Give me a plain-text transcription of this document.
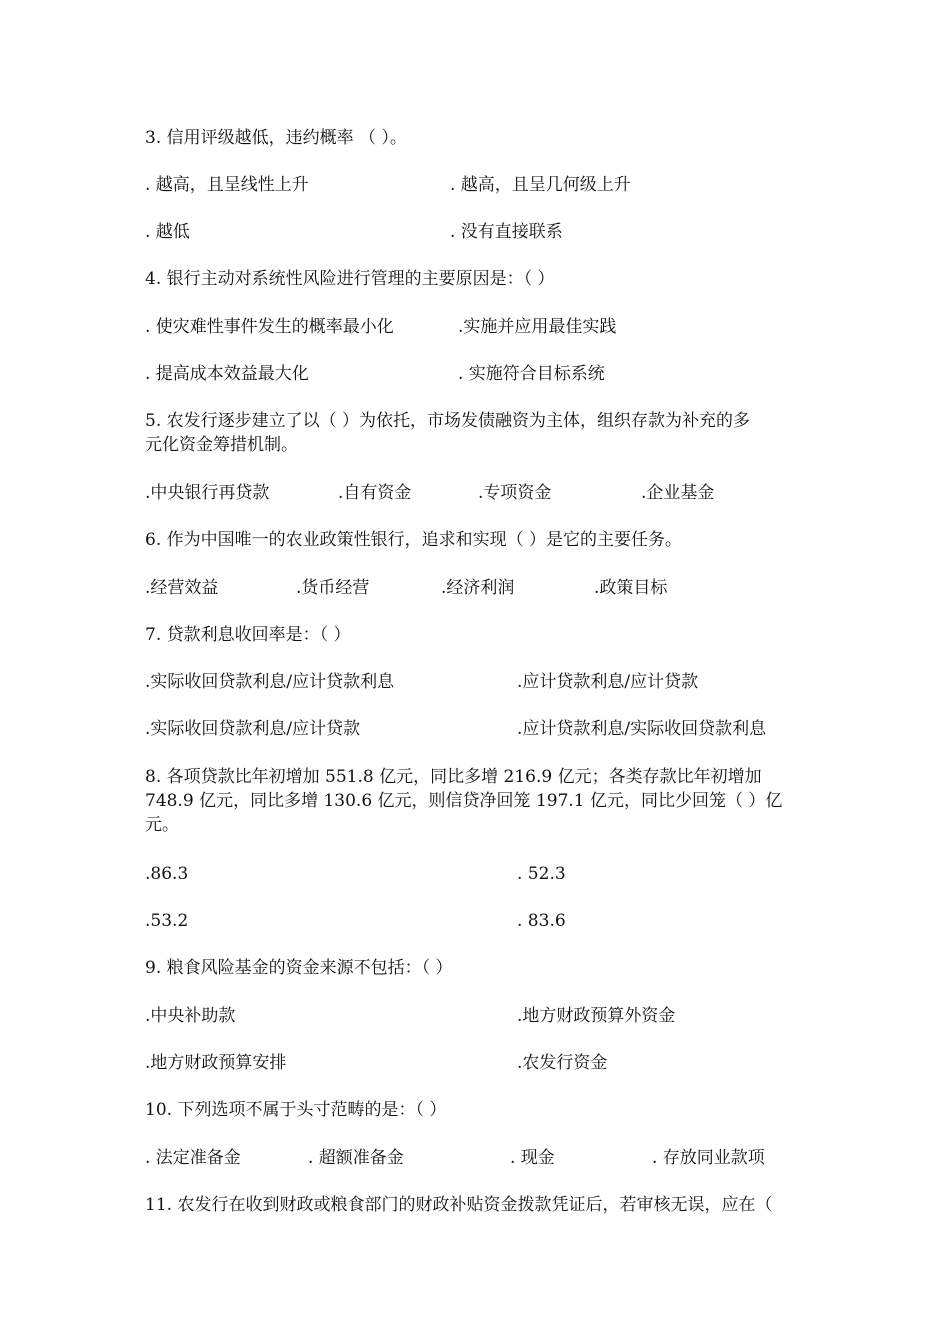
3. 信用评级越低，违约概率 （ ）。
. 越高，且呈线性上升	. 越高，且呈几何级上升
. 越低	. 没有直接联系
4. 银行主动对系统性风险进行管理的主要原因是：（ ）
. 使灾难性事件发生的概率最小化	.实施并应用最佳实践
. 提高成本效益最大化	. 实施符合目标系统
5. 农发行逐步建立了以（ ）为依托，市场发债融资为主体，组织存款为补充的多
元化资金筹措机制。
.中央银行再贷款	.自有资金	.专项资金	.企业基金
6. 作为中国唯一的农业政策性银行，追求和实现（ ）是它的主要任务。
.经营效益	.货币经营	.经济利润	.政策目标
7. 贷款利息收回率是：（ ）
.实际收回贷款利息/应计贷款利息	.应计贷款利息/应计贷款
.实际收回贷款利息/应计贷款	.应计贷款利息/实际收回贷款利息
8. 各项贷款比年初增加 551.8 亿元，同比多增 216.9 亿元；各类存款比年初增加
748.9 亿元，同比多增 130.6 亿元，则信贷净回笼 197.1 亿元，同比少回笼（ ）亿
元。
.86.3	. 52.3
.53.2	. 83.6
9. 粮食风险基金的资金来源不包括：（ ）
.中央补助款	.地方财政预算外资金
.地方财政预算安排	.农发行资金
10. 下列选项不属于头寸范畴的是：（ ）
. 法定准备金	. 超额准备金	. 现金	. 存放同业款项
11. 农发行在收到财政或粮食部门的财政补贴资金拨款凭证后，若审核无误，应在（
